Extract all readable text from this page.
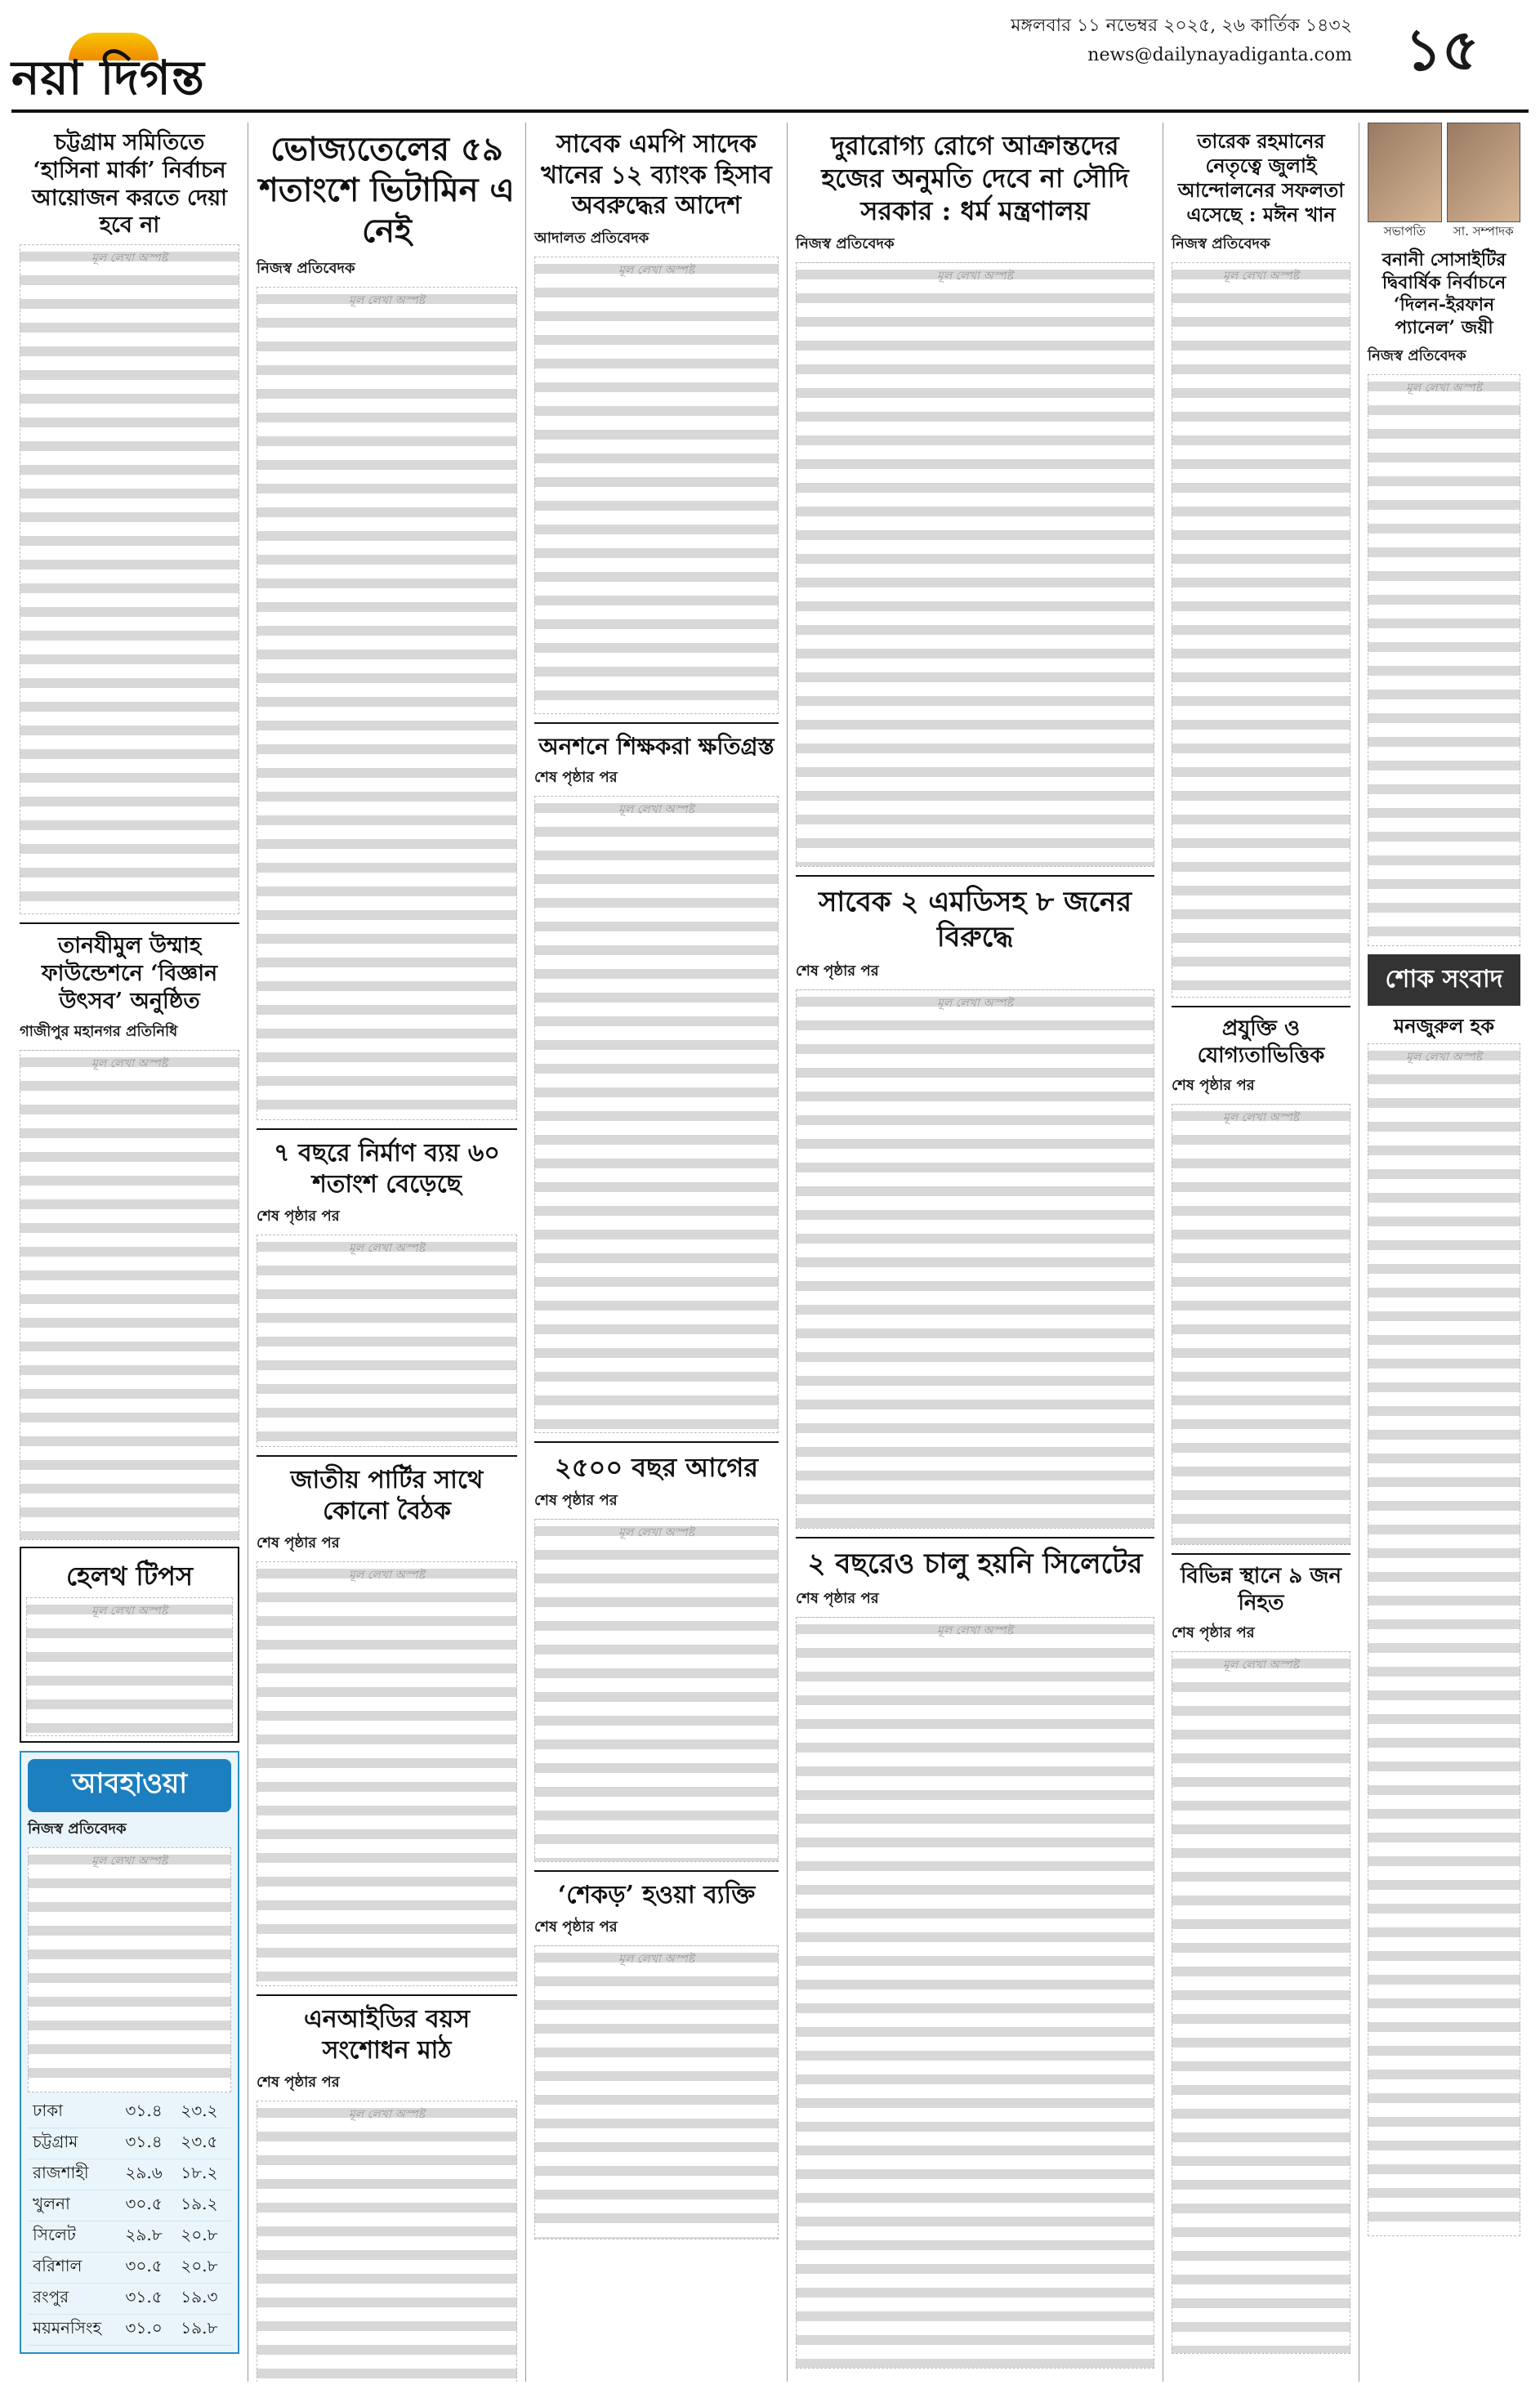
নয়া দিগন্ত
মঙ্গলবার ১১ নভেম্বর ২০২৫, ২৬ কার্তিক ১৪৩২
news@dailynayadiganta.com ১৫
চট্টগ্রাম সমিতিতে ‘হাসিনা মার্কা’ নির্বাচন আয়োজন করতে দেয়া হবে না
মূল লেখা অস্পষ্ট
তানযীমুল উম্মাহ ফাউন্ডেশনে ‘বিজ্ঞান উৎসব’ অনুষ্ঠিত
গাজীপুর মহানগর প্রতিনিধি
মূল লেখা অস্পষ্ট
হেলথ টিপস
মূল লেখা অস্পষ্ট
আবহাওয়া
নিজস্ব প্রতিবেদক
মূল লেখা অস্পষ্ট
ঢাকা	৩১.৪	২৩.২
চট্টগ্রাম	৩১.৪	২৩.৫
রাজশাহী	২৯.৬	১৮.২
খুলনা	৩০.৫	১৯.২
সিলেট	২৯.৮	২০.৮
বরিশাল	৩০.৫	২০.৮
রংপুর	৩১.৫	১৯.৩
ময়মনসিংহ	৩১.০	১৯.৮
ভোজ্যতেলের ৫৯ শতাংশে ভিটামিন এ নেই
নিজস্ব প্রতিবেদক
মূল লেখা অস্পষ্ট
৭ বছরে নির্মাণ ব্যয় ৬০ শতাংশ বেড়েছে
শেষ পৃষ্ঠার পর
মূল লেখা অস্পষ্ট
জাতীয় পার্টির সাথে কোনো বৈঠক
শেষ পৃষ্ঠার পর
মূল লেখা অস্পষ্ট
এনআইডির বয়স সংশোধন মাঠ
শেষ পৃষ্ঠার পর
মূল লেখা অস্পষ্ট
সাবেক এমপি সাদেক খানের ১২ ব্যাংক হিসাব অবরুদ্ধের আদেশ
আদালত প্রতিবেদক
মূল লেখা অস্পষ্ট
অনশনে শিক্ষকরা ক্ষতিগ্রস্ত
শেষ পৃষ্ঠার পর
মূল লেখা অস্পষ্ট
২৫০০ বছর আগের
শেষ পৃষ্ঠার পর
মূল লেখা অস্পষ্ট
‘শেকড়’ হওয়া ব্যক্তি
শেষ পৃষ্ঠার পর
মূল লেখা অস্পষ্ট
দুরারোগ্য রোগে আক্রান্তদের হজের অনুমতি দেবে না সৌদি সরকার : ধর্ম মন্ত্রণালয়
নিজস্ব প্রতিবেদক
মূল লেখা অস্পষ্ট
সাবেক ২ এমডিসহ ৮ জনের বিরুদ্ধে
শেষ পৃষ্ঠার পর
মূল লেখা অস্পষ্ট
২ বছরেও চালু হয়নি সিলেটের
শেষ পৃষ্ঠার পর
মূল লেখা অস্পষ্ট
তারেক রহমানের নেতৃত্বে জুলাই আন্দোলনের সফলতা এসেছে : মঈন খান
নিজস্ব প্রতিবেদক
মূল লেখা অস্পষ্ট
প্রযুক্তি ও যোগ্যতাভিত্তিক
শেষ পৃষ্ঠার পর
মূল লেখা অস্পষ্ট
বিভিন্ন স্থানে ৯ জন নিহত
শেষ পৃষ্ঠার পর
মূল লেখা অস্পষ্ট
সভাপতি	সা. সম্পাদক
বনানী সোসাইটির দ্বিবার্ষিক নির্বাচনে ‘দিলন-ইরফান প্যানেল’ জয়ী
নিজস্ব প্রতিবেদক
মূল লেখা অস্পষ্ট
শোক সংবাদ
মনজুরুল হক
মূল লেখা অস্পষ্ট
